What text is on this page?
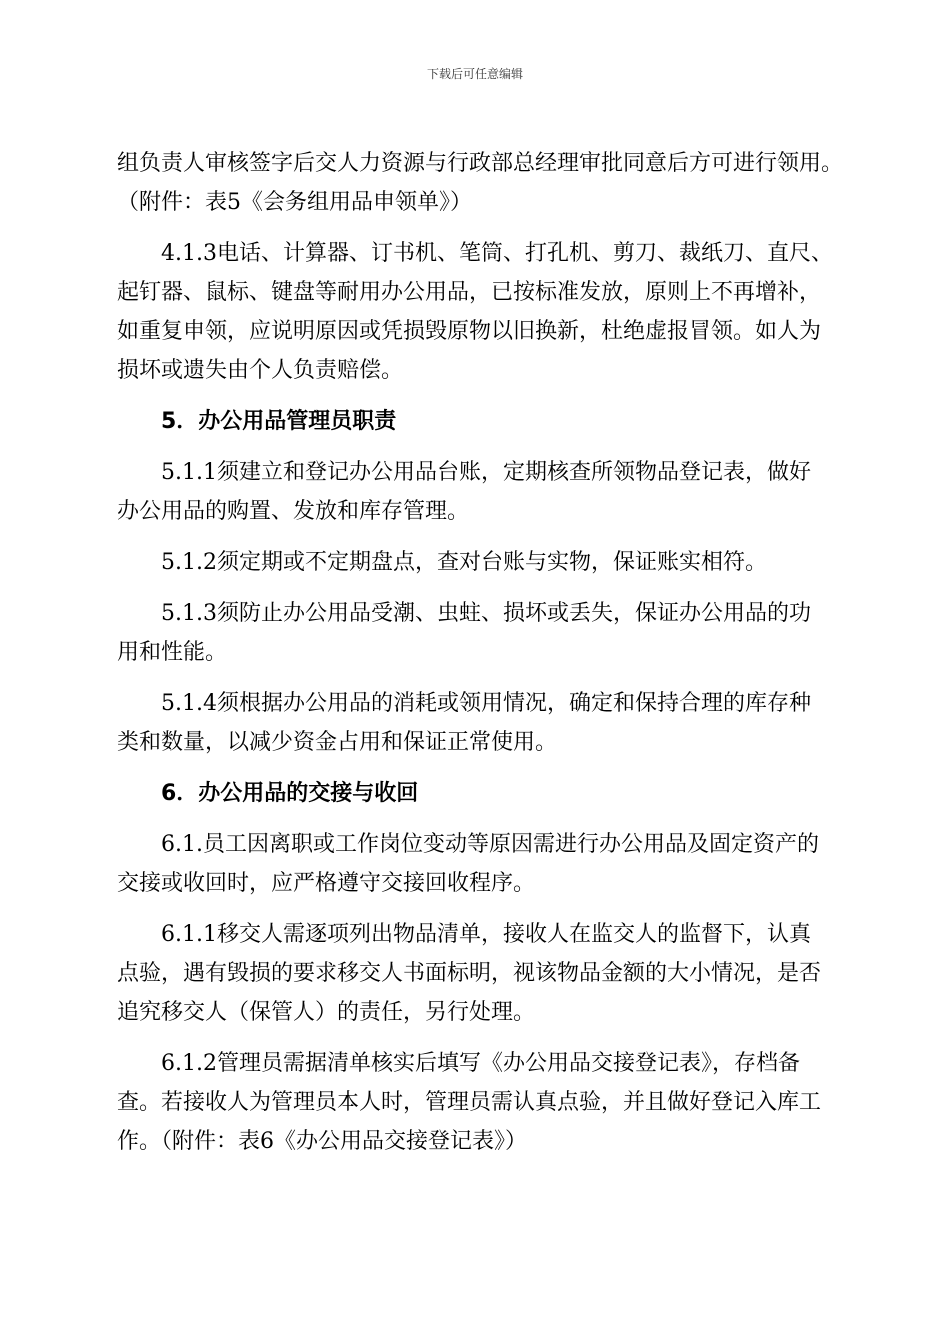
下载后可任意编辑
组负责人审核签字后交人力资源与行政部总经理审批同意后方可进行领用。
（附件：表5《会务组用品申领单》）
4.1.3电话、计算器、订书机、笔筒、打孔机、剪刀、裁纸刀、直尺、
起钉器、鼠标、键盘等耐用办公用品，已按标准发放，原则上不再增补，
如重复申领，应说明原因或凭损毁原物以旧换新，杜绝虚报冒领。如人为
损坏或遗失由个人负责赔偿。
5．办公用品管理员职责
5.1.1须建立和登记办公用品台账，定期核查所领物品登记表，做好
办公用品的购置、发放和库存管理。
5.1.2须定期或不定期盘点，查对台账与实物，保证账实相符。
5.1.3须防止办公用品受潮、虫蛀、损坏或丢失，保证办公用品的功
用和性能。
5.1.4须根据办公用品的消耗或领用情况，确定和保持合理的库存种
类和数量，以减少资金占用和保证正常使用。
6．办公用品的交接与收回
6.1.员工因离职或工作岗位变动等原因需进行办公用品及固定资产的
交接或收回时，应严格遵守交接回收程序。
6.1.1移交人需逐项列出物品清单，接收人在监交人的监督下，认真
点验，遇有毁损的要求移交人书面标明，视该物品金额的大小情况，是否
追究移交人（保管人）的责任，另行处理。
6.1.2管理员需据清单核实后填写《办公用品交接登记表》，存档备
查。若接收人为管理员本人时，管理员需认真点验，并且做好登记入库工
作。（附件：表6《办公用品交接登记表》）
